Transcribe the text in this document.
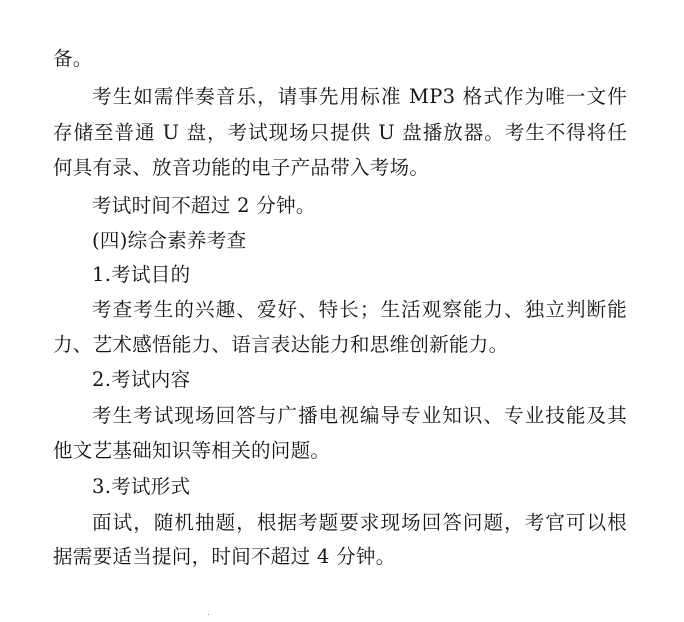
备。
考生如需伴奏音乐，请事先用标准 MP3 格式作为唯一文件
存储至普通 U 盘，考试现场只提供 U 盘播放器。考生不得将任
何具有录、放音功能的电子产品带入考场。
考试时间不超过 2 分钟。
(四)综合素养考查
1.考试目的
考查考生的兴趣、爱好、特长；生活观察能力、独立判断能
力、艺术感悟能力、语言表达能力和思维创新能力。
2.考试内容
考生考试现场回答与广播电视编导专业知识、专业技能及其
他文艺基础知识等相关的问题。
3.考试形式
面试，随机抽题，根据考题要求现场回答问题，考官可以根
据需要适当提问，时间不超过 4 分钟。
.
